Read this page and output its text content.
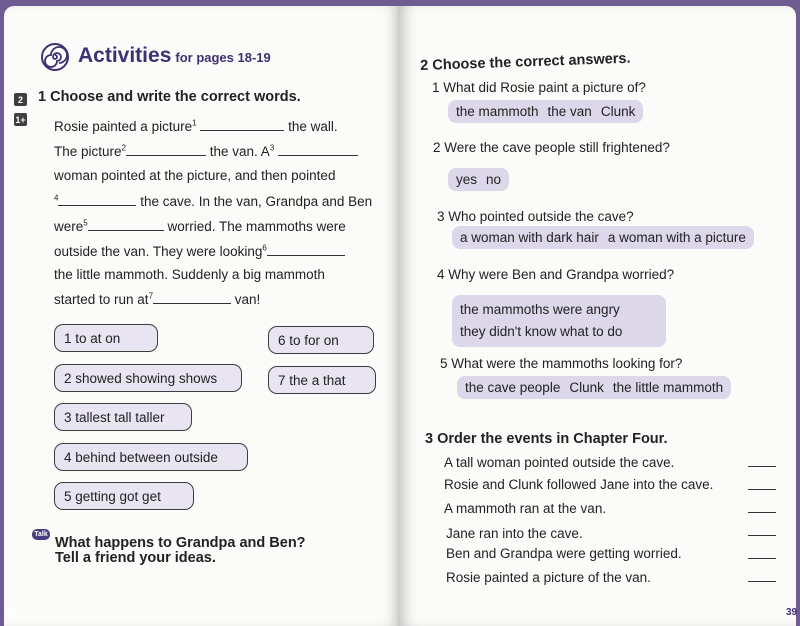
Activities for pages 18-19
2
1+
1 Choose and write the correct words.
Rosie painted a picture$^1$	the wall.
The picture$^2$	the van. $A^3$
woman pointed at the picture, and then pointed
$^4$	the cave. In the van, Grandpa and Ben
were$^5$	worried. The mammoths were
outside the van. They were looking$^6$
the little mammoth. Suddenly a big mammoth
started to run $at^7$	van!
1 to at on
2 showed showing shows
3 tallest tall taller
4 behind between outside
5 getting got get
6 to for on
7 the a that
Talk
What happens to Grandpa and Ben?
Tell a friend your ideas.
38
2 Choose the correct answers.
1 What did Rosie paint a picture of?
the mammoth the van Clunk
2 Were the cave people still frightened?
yes no
3 Who pointed outside the cave?
a woman with dark hair a woman with a picture
4 Why were Ben and Grandpa worried?
the mammoths were angry
they didn't know what to do
5 What were the mammoths looking for?
the cave people Clunk the little mammoth
3 Order the events in Chapter Four.
A tall woman pointed outside the cave.
Rosie and Clunk followed Jane into the cave.
A mammoth ran at the van.
Jane ran into the cave.
Ben and Grandpa were getting worried.
Rosie painted a picture of the van.
39
